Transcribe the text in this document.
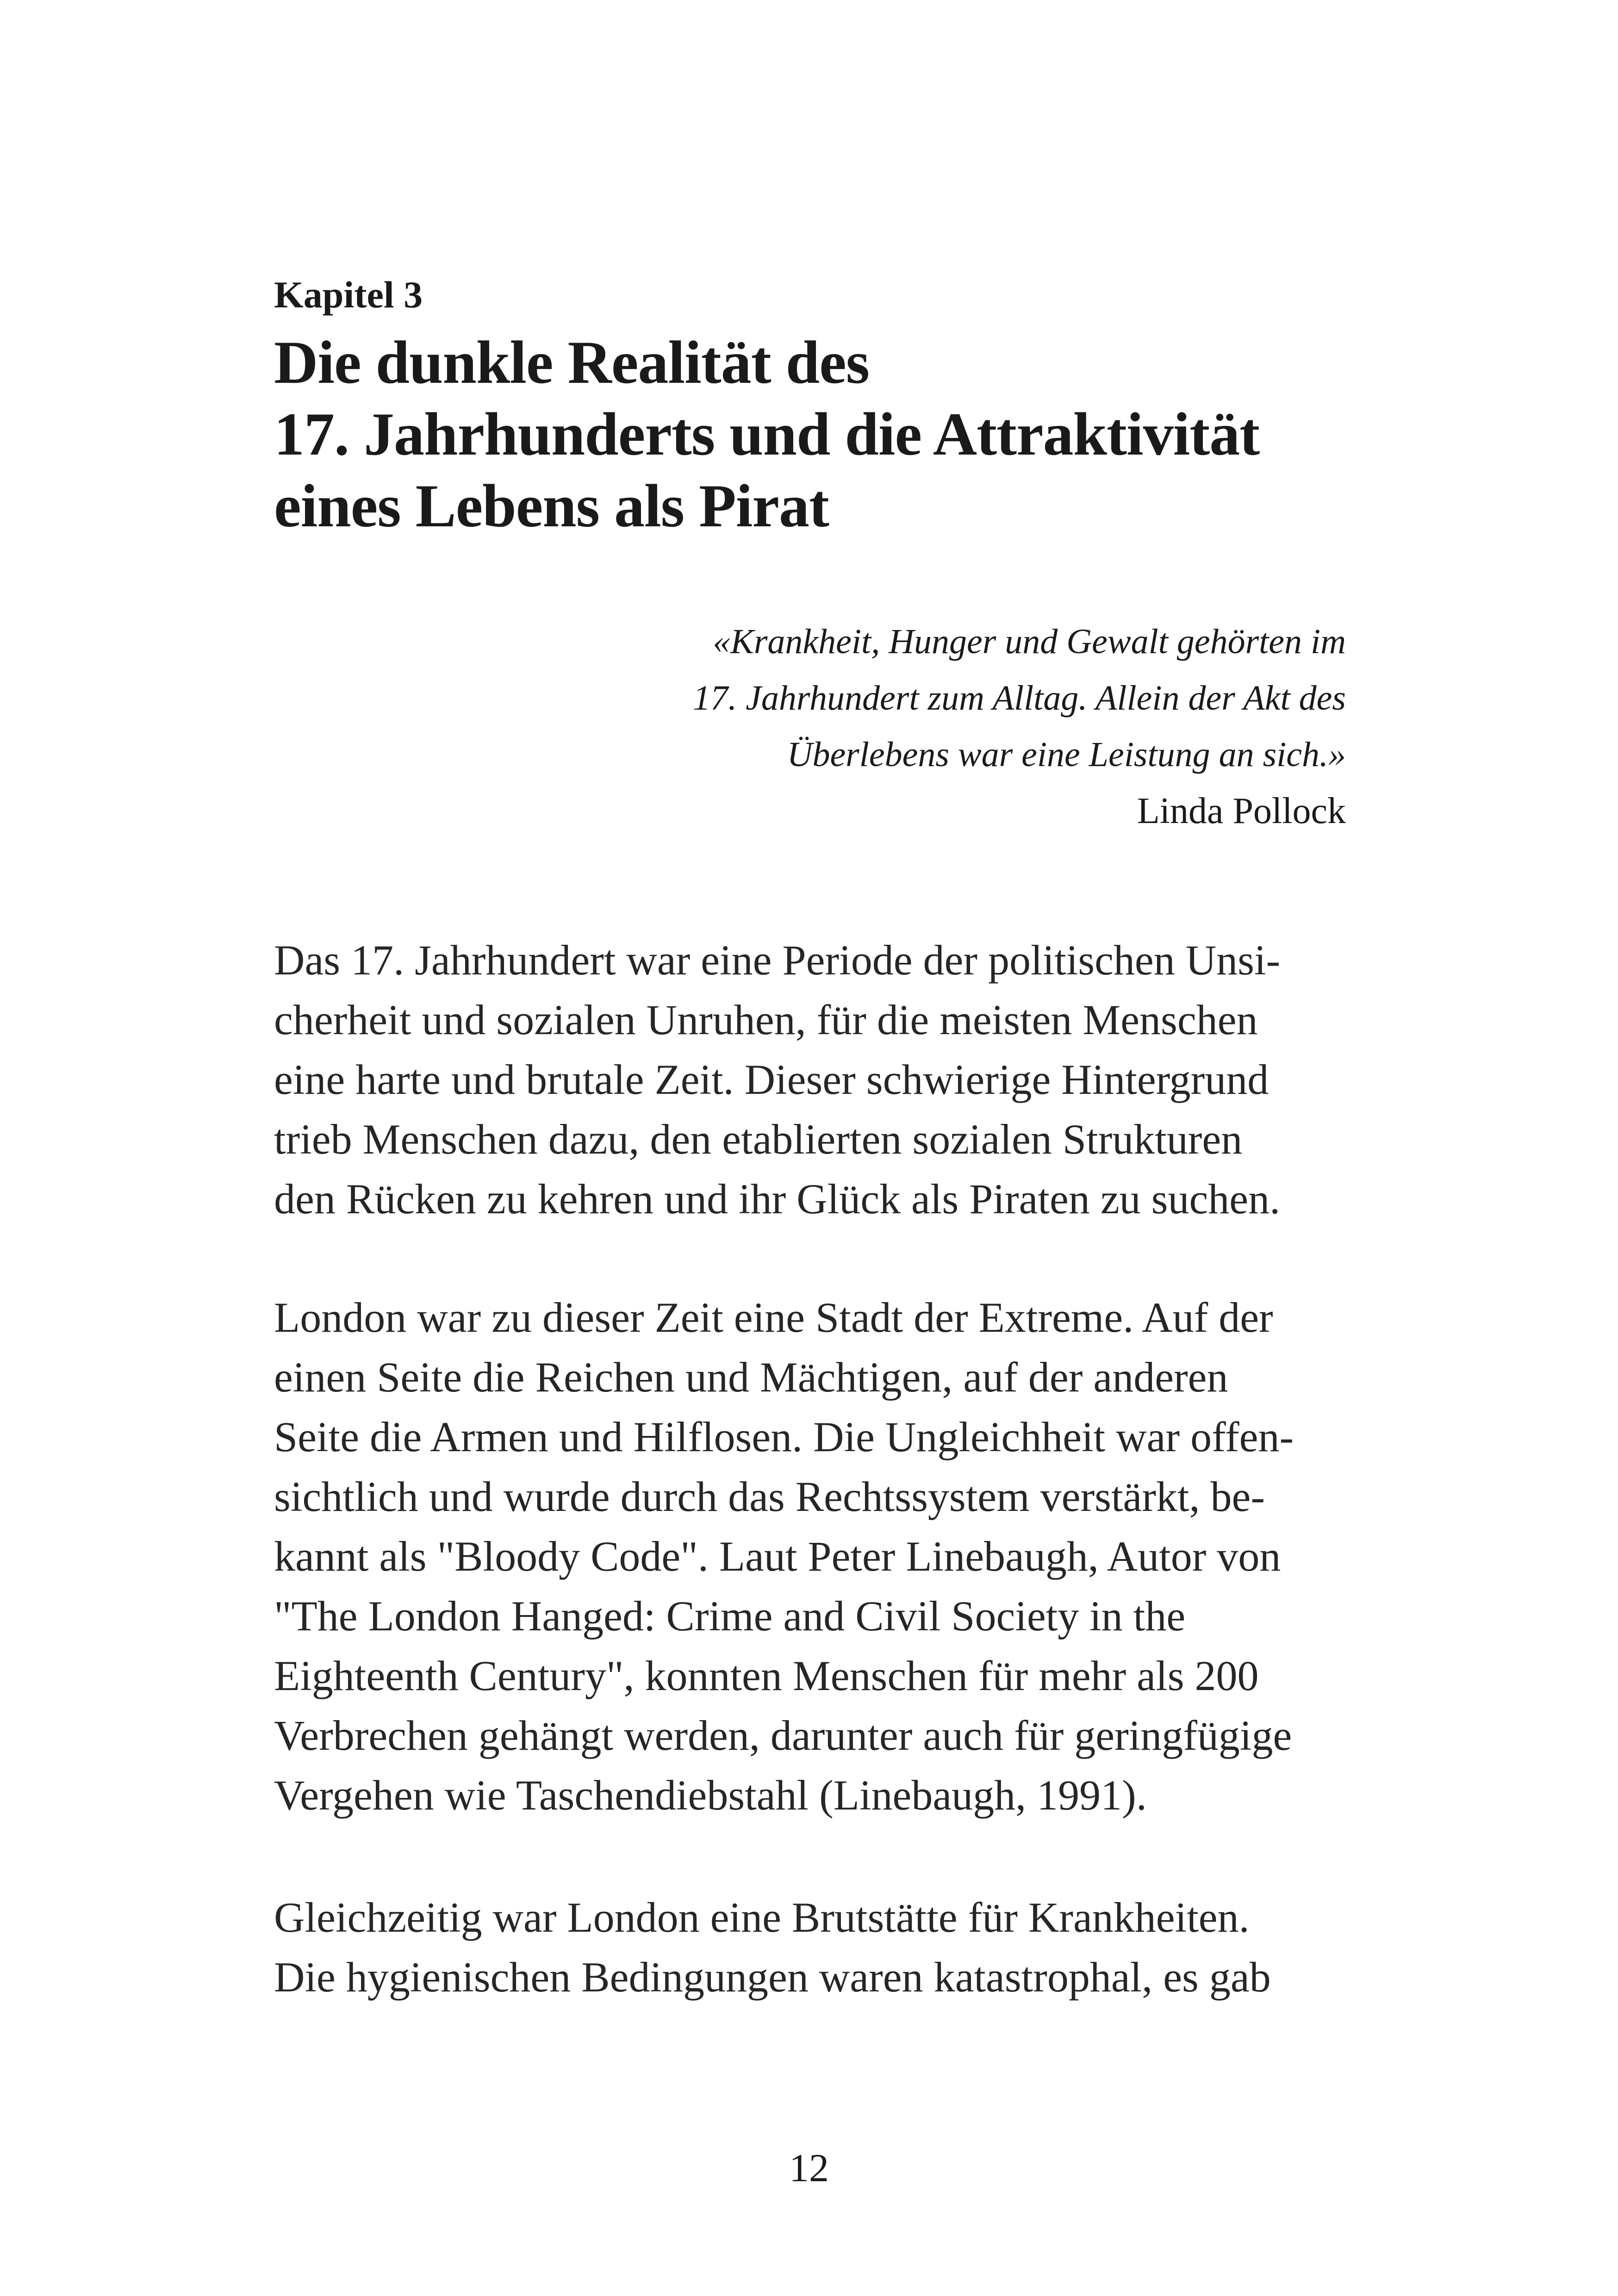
Kapitel 3
Die dunkle Realität des
17. Jahrhunderts und die Attraktivität
eines Lebens als Pirat
«Krankheit, Hunger und Gewalt gehörten im
17. Jahrhundert zum Alltag. Allein der Akt des
Überlebens war eine Leistung an sich.»
Linda Pollock

Das 17. Jahrhundert war eine Periode der politischen Unsi-
cherheit und sozialen Unruhen, für die meisten Menschen
eine harte und brutale Zeit. Dieser schwierige Hintergrund
trieb Menschen dazu, den etablierten sozialen Strukturen
den Rücken zu kehren und ihr Glück als Piraten zu suchen.

London war zu dieser Zeit eine Stadt der Extreme. Auf der
einen Seite die Reichen und Mächtigen, auf der anderen
Seite die Armen und Hilflosen. Die Ungleichheit war offen-
sichtlich und wurde durch das Rechtssystem verstärkt, be-
kannt als "Bloody Code". Laut Peter Linebaugh, Autor von
"The London Hanged: Crime and Civil Society in the
Eighteenth Century", konnten Menschen für mehr als 200
Verbrechen gehängt werden, darunter auch für geringfügige
Vergehen wie Taschendiebstahl (Linebaugh, 1991).

Gleichzeitig war London eine Brutstätte für Krankheiten.
Die hygienischen Bedingungen waren katastrophal, es gab

12
